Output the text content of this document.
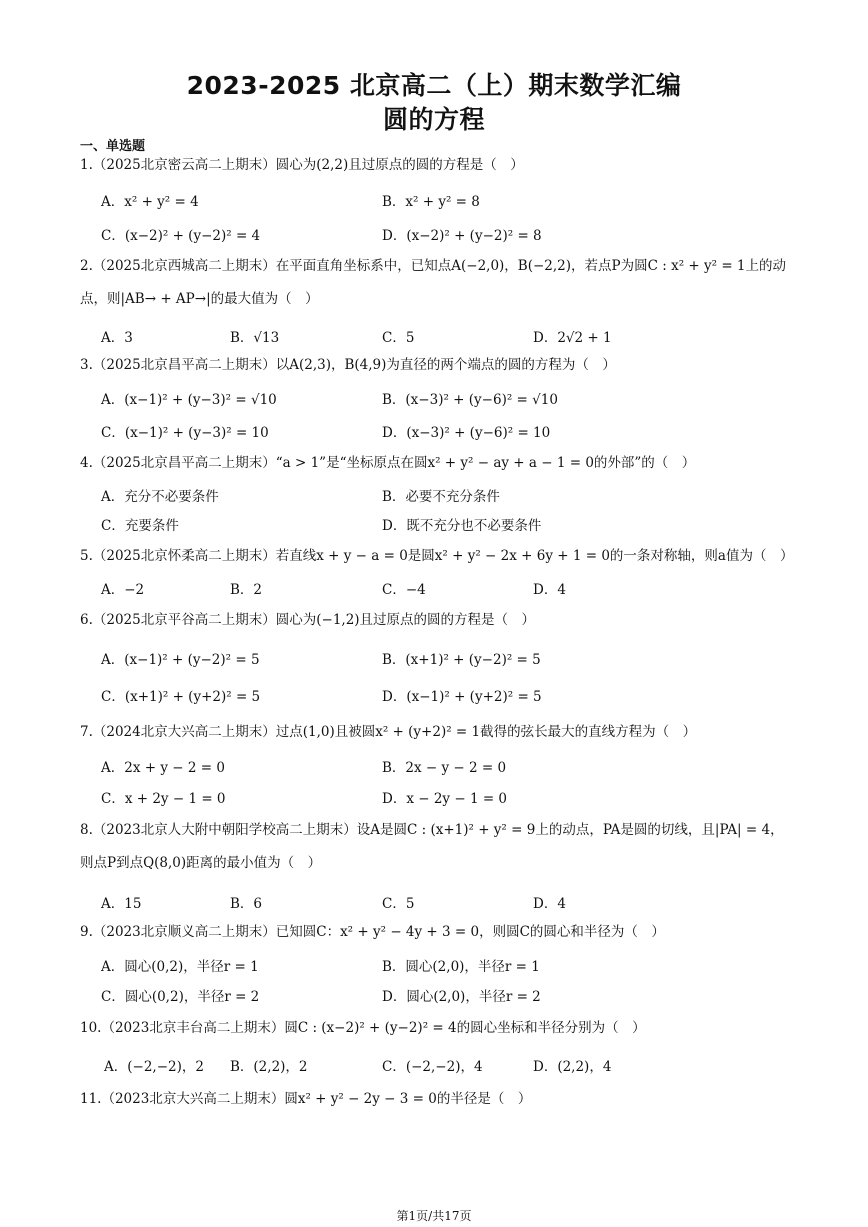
2023-2025 北京高二（上）期末数学汇编
圆的方程
一、单选题
1.（2025北京密云高二上期末）圆心为(2,2)且过原点的圆的方程是（　）
A．x² + y² = 4	B．x² + y² = 8
C．(x−2)² + (y−2)² = 4	D．(x−2)² + (y−2)² = 8
2.（2025北京西城高二上期末）在平面直角坐标系中，已知点A(−2,0)，B(−2,2)，若点P为圆C : x² + y² = 1上的动点，则|AB→ + AP→|的最大值为（　）
A．3	B．√13	C．5	D．2√2 + 1
3.（2025北京昌平高二上期末）以A(2,3)，B(4,9)为直径的两个端点的圆的方程为（　）
A．(x−1)² + (y−3)² = √10	B．(x−3)² + (y−6)² = √10
C．(x−1)² + (y−3)² = 10	D．(x−3)² + (y−6)² = 10
4.（2025北京昌平高二上期末）“a > 1”是“坐标原点在圆x² + y² − ay + a − 1 = 0的外部”的（　）
A．充分不必要条件	B．必要不充分条件
C．充要条件	D．既不充分也不必要条件
5.（2025北京怀柔高二上期末）若直线x + y − a = 0是圆x² + y² − 2x + 6y + 1 = 0的一条对称轴，则a值为（　）
A．−2	B．2	C．−4	D．4
6.（2025北京平谷高二上期末）圆心为(−1,2)且过原点的圆的方程是（　）
A．(x−1)² + (y−2)² = 5	B．(x+1)² + (y−2)² = 5
C．(x+1)² + (y+2)² = 5	D．(x−1)² + (y+2)² = 5
7.（2024北京大兴高二上期末）过点(1,0)且被圆x² + (y+2)² = 1截得的弦长最大的直线方程为（　）
A．2x + y − 2 = 0	B．2x − y − 2 = 0
C．x + 2y − 1 = 0	D．x − 2y − 1 = 0
8.（2023北京人大附中朝阳学校高二上期末）设A是圆C : (x+1)² + y² = 9上的动点，PA是圆的切线，且|PA| = 4，则点P到点Q(8,0)距离的最小值为（　）
A．15	B．6	C．5	D．4
9.（2023北京顺义高二上期末）已知圆C：x² + y² − 4y + 3 = 0，则圆C的圆心和半径为（　）
A．圆心(0,2)，半径r = 1	B．圆心(2,0)，半径r = 1
C．圆心(0,2)，半径r = 2	D．圆心(2,0)，半径r = 2
10.（2023北京丰台高二上期末）圆C : (x−2)² + (y−2)² = 4的圆心坐标和半径分别为（　）
A．(−2,−2)，2 B．(2,2)，2	C．(−2,−2)，4	D．(2,2)，4
11.（2023北京大兴高二上期末）圆x² + y² − 2y − 3 = 0的半径是（　）
第1页/共17页
